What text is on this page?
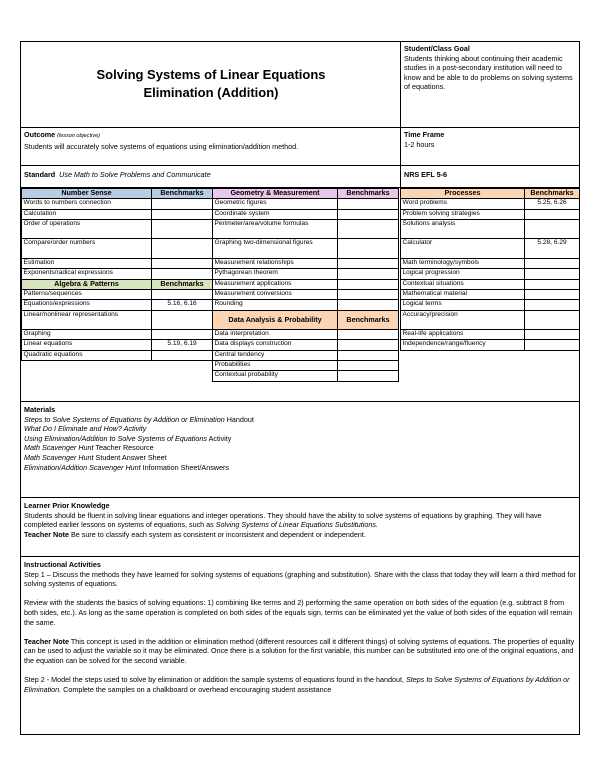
Solving Systems of Linear Equations
Elimination (Addition)
Student/Class Goal
Students thinking about continuing their academic studies in a post-secondary institution will need to know and be able to do problems on solving systems of equations.
Outcome (lesson objective)
Students will accurately solve systems of equations using elimination/addition method.
Time Frame
1-2 hours
Standard Use Math to Solve Problems and Communicate	NRS EFL 5-6
Number Sense	Benchmarks
Words to numbers connection	
Calculation	
Order of operations	
Compare/order numbers	
Estimation	
Exponents/radical expressions	
Algebra & Patterns	Benchmarks
Patterns/sequences	
Equations/expressions	5.16, 6.16
Linear/nonlinear representations	
Graphing	
Linear equations	5.19, 6.19
Quadratic equations	
Geometry & Measurement	Benchmarks
Geometric figures	
Coordinate system	
Perimeter/area/volume formulas	
Graphing two-dimensional figures	
Measurement relationships	
Pythagorean theorem	
Measurement applications	
Measurement conversions	
Rounding	
Data Analysis & Probability	Benchmarks
Data interpretation	
Data displays construction	
Central tendency	
Probabilities	
Contextual probability	
Processes	Benchmarks
Word problems	5.25, 6.26
Problem solving strategies	
Solutions analysis	
Calculator	5.28, 6.29
Math terminology/symbols	
Logical progression	
Contextual situations	
Mathematical material	
Logical terms	
Accuracy/precision	
Real-life applications	
Independence/range/fluency	

Materials

Steps to Solve Systems of Equations by Addition or Elimination Handout

What Do I Eliminate and How? Activity

Using Elimination/Addition to Solve Systems of Equations Activity

Math Scavenger Hunt Teacher Resource

Math Scavenger Hunt Student Answer Sheet

Elimination/Addition Scavenger Hunt Information Sheet/Answers

Learner Prior Knowledge

Students should be fluent in solving linear equations and integer operations. They should have the ability to solve systems of equations by graphing. They will have completed earlier lessons on systems of equations, such as Solving Systems of Linear Equations Substitutions.

Teacher Note Be sure to classify each system as consistent or inconsistent and dependent or independent.

Instructional Activities

Step 1 – Discuss the methods they have learned for solving systems of equations (graphing and substitution). Share with the class that today they will learn a third method for solving systems of equations.

Review with the students the basics of solving equations: 1) combining like terms and 2) performing the same operation on both sides of the equation (e.g. subtract 8 from both sides, etc.). As long as the same operation is completed on both sides of the equals sign, terms can be eliminated yet the value of both sides of the equation will remain the same.

Teacher Note This concept is used in the addition or elimination method (different resources call it different things) of solving systems of equations. The properties of equality can be used to adjust the variable so it may be eliminated. Once there is a solution for the first variable, this number can be substituted into one of the original equations, and the equation can be solved for the second variable.

Step 2 - Model the steps used to solve by elimination or addition the sample systems of equations found in the handout, Steps to Solve Systems of Equations by Addition or Elimination. Complete the samples on a chalkboard or overhead encouraging student assistance
